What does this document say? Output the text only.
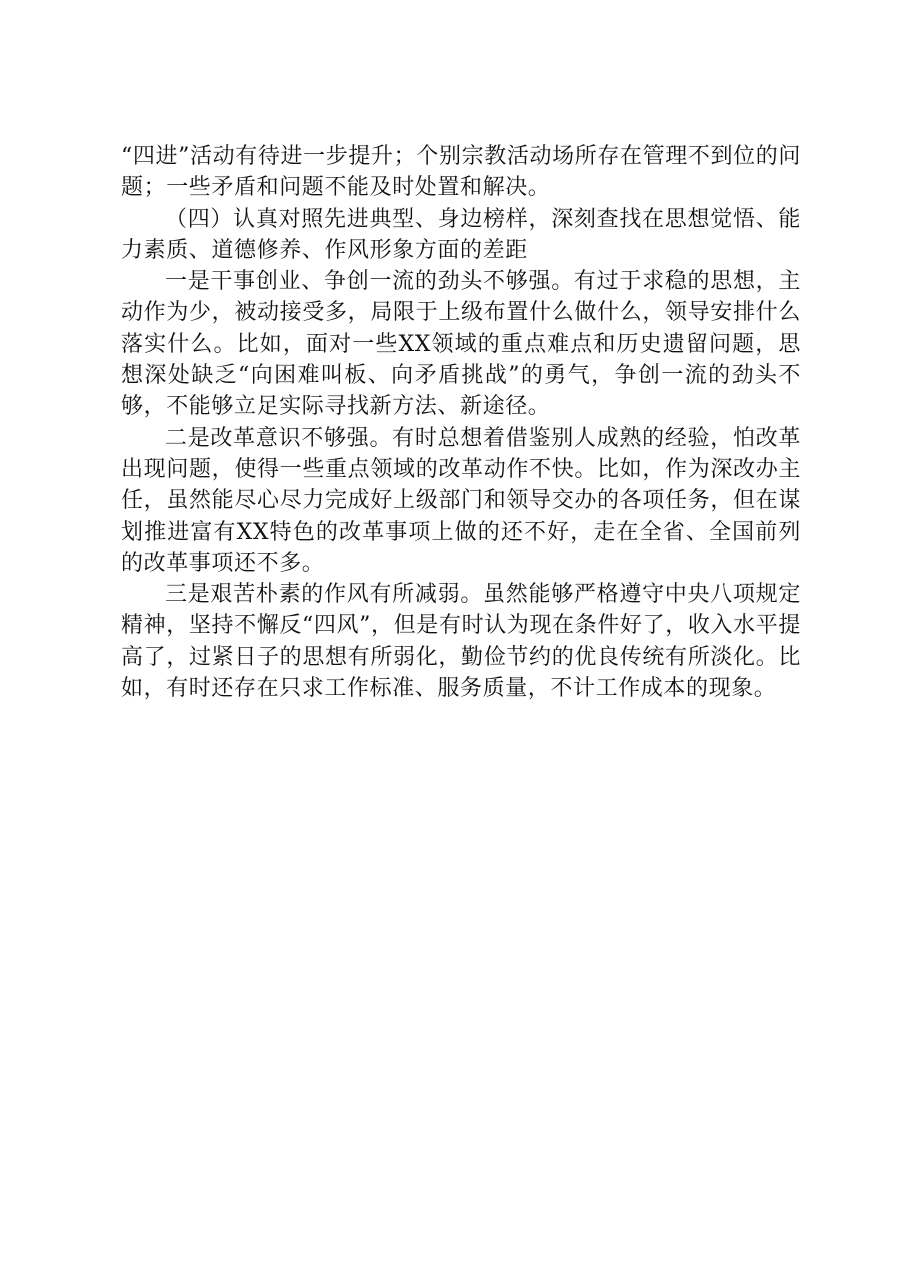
“四进”活动有待进一步提升；个别宗教活动场所存在管理不到位的问题；一些矛盾和问题不能及时处置和解决。

（四）认真对照先进典型、身边榜样，深刻查找在思想觉悟、能力素质、道德修养、作风形象方面的差距

一是干事创业、争创一流的劲头不够强。有过于求稳的思想，主动作为少，被动接受多，局限于上级布置什么做什么，领导安排什么落实什么。比如，面对一些XX领域的重点难点和历史遗留问题，思想深处缺乏“向困难叫板、向矛盾挑战”的勇气，争创一流的劲头不够，不能够立足实际寻找新方法、新途径。

二是改革意识不够强。有时总想着借鉴别人成熟的经验，怕改革出现问题，使得一些重点领域的改革动作不快。比如，作为深改办主任，虽然能尽心尽力完成好上级部门和领导交办的各项任务，但在谋划推进富有XX特色的改革事项上做的还不好，走在全省、全国前列的改革事项还不多。

三是艰苦朴素的作风有所减弱。虽然能够严格遵守中央八项规定精神，坚持不懈反“四风”，但是有时认为现在条件好了，收入水平提高了，过紧日子的思想有所弱化，勤俭节约的优良传统有所淡化。比如，有时还存在只求工作标准、服务质量，不计工作成本的现象。
